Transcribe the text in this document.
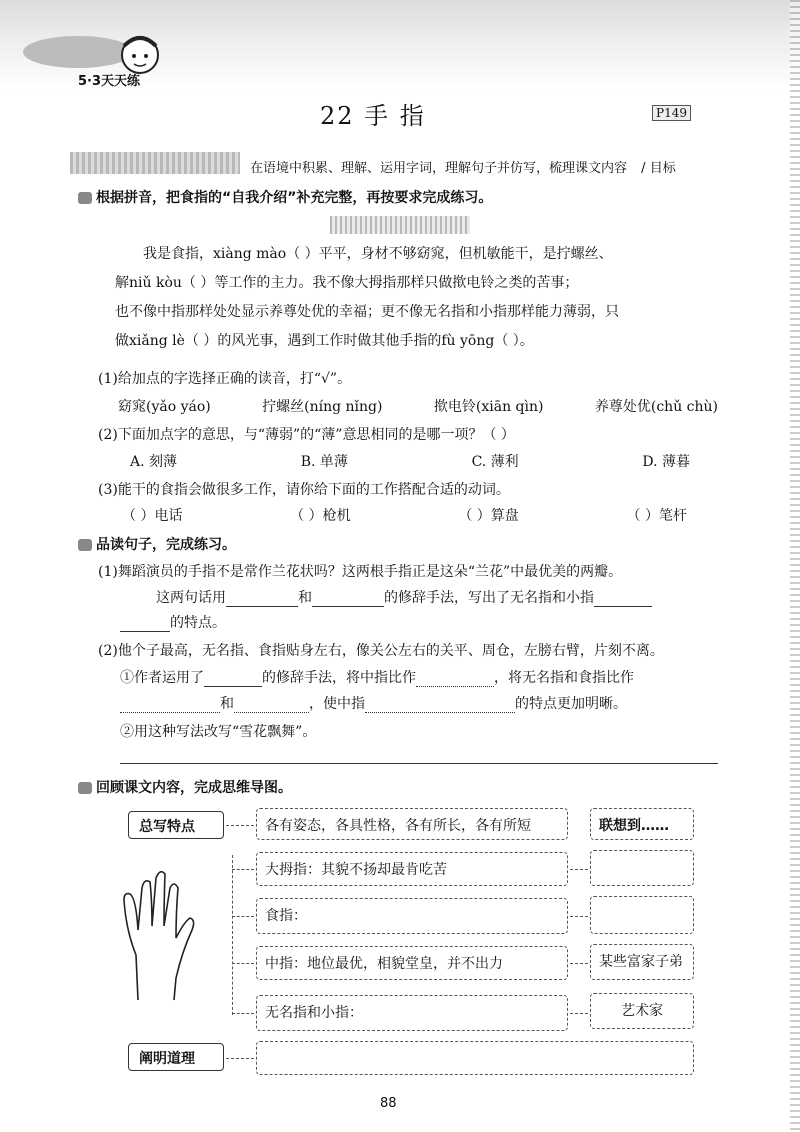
5·3天天练
22 手 指	P149
在语境中积累、理解、运用字词，理解句子并仿写，梳理课文内容 / 目标
根据拼音，把食指的“自我介绍”补充完整，再按要求完成练习。
我是食指，xiàng mào（ ）平平，身材不够窈窕，但机敏能干，是拧螺丝、
解niǔ kòu（ ）等工作的主力。我不像大拇指那样只做揿电铃之类的苦事；
也不像中指那样处处显示养尊处优的幸福；更不像无名指和小指那样能力薄弱，只
做xiǎng lè（ ）的风光事，遇到工作时做其他手指的fù yōng（ ）。
(1)给加点的字选择正确的读音，打“√”。
窈窕(yǎo yáo)	拧螺丝(níng nǐng)	揿电铃(xiān qìn)	养尊处优(chǔ chù)
(2)下面加点字的意思，与“薄弱”的“薄”意思相同的是哪一项？（ ）
A. 刻薄	B. 单薄	C. 薄利	D. 薄暮
(3)能干的食指会做很多工作，请你给下面的工作搭配合适的动词。
（ ）电话	（ ）枪机	（ ）算盘	（ ）笔杆
品读句子，完成练习。
(1)舞蹈演员的手指不是常作兰花状吗？这两根手指正是这朵“兰花”中最优美的两瓣。
这两句话用	和	的修辞手法，写出了无名指和小指
的特点。
(2)他个子最高，无名指、食指贴身左右，像关公左右的关平、周仓，左膀右臂，片刻不离。
①作者运用了	的修辞手法，将中指比作	，将无名指和食指比作
和	，使中指	的特点更加明晰。
②用这种写法改写“雪花飘舞”。
回顾课文内容，完成思维导图。
总写特点	各有姿态，各具性格，各有所长，各有所短	联想到……
大拇指：其貌不扬却最肯吃苦
食指：
中指：地位最优，相貌堂皇，并不出力	某些富家子弟
无名指和小指：	艺术家
阐明道理
88
